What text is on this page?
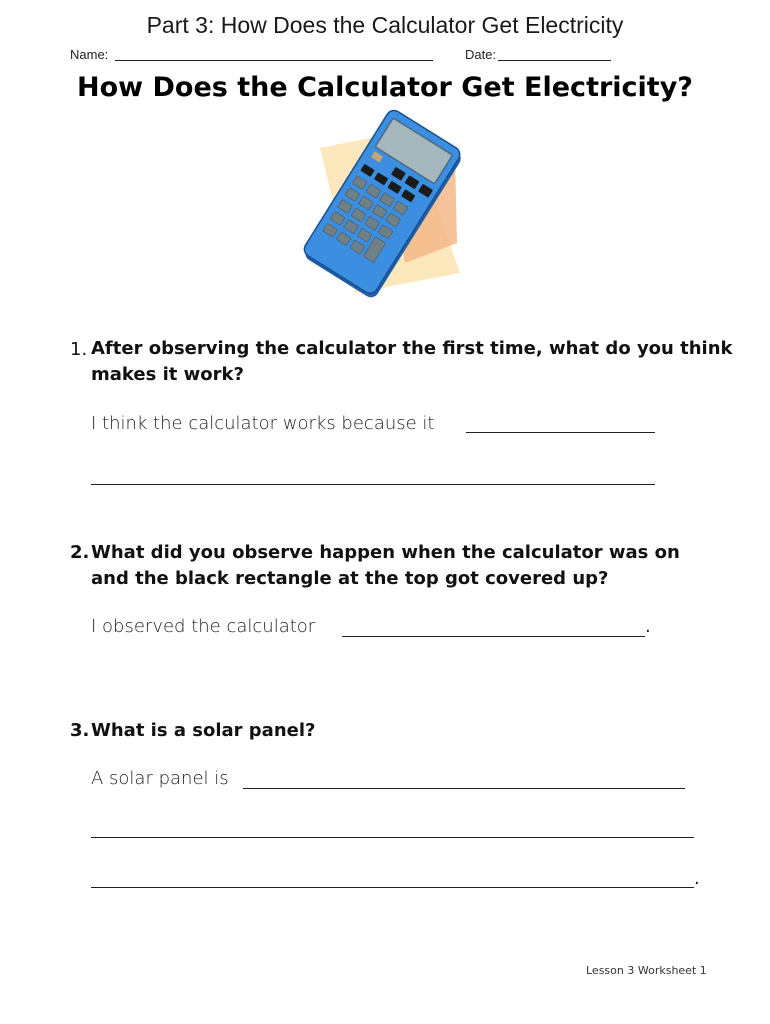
Part 3: How Does the Calculator Get Electricity
Name:	Date:
How Does the Calculator Get Electricity?
1. After observing the calculator the first time, what do you think
makes it work?
I think the calculator works because it
2. What did you observe happen when the calculator was on
and the black rectangle at the top got covered up?
I observed the calculator	.
3. What is a solar panel?
A solar panel is
.
Lesson 3 Worksheet 1
